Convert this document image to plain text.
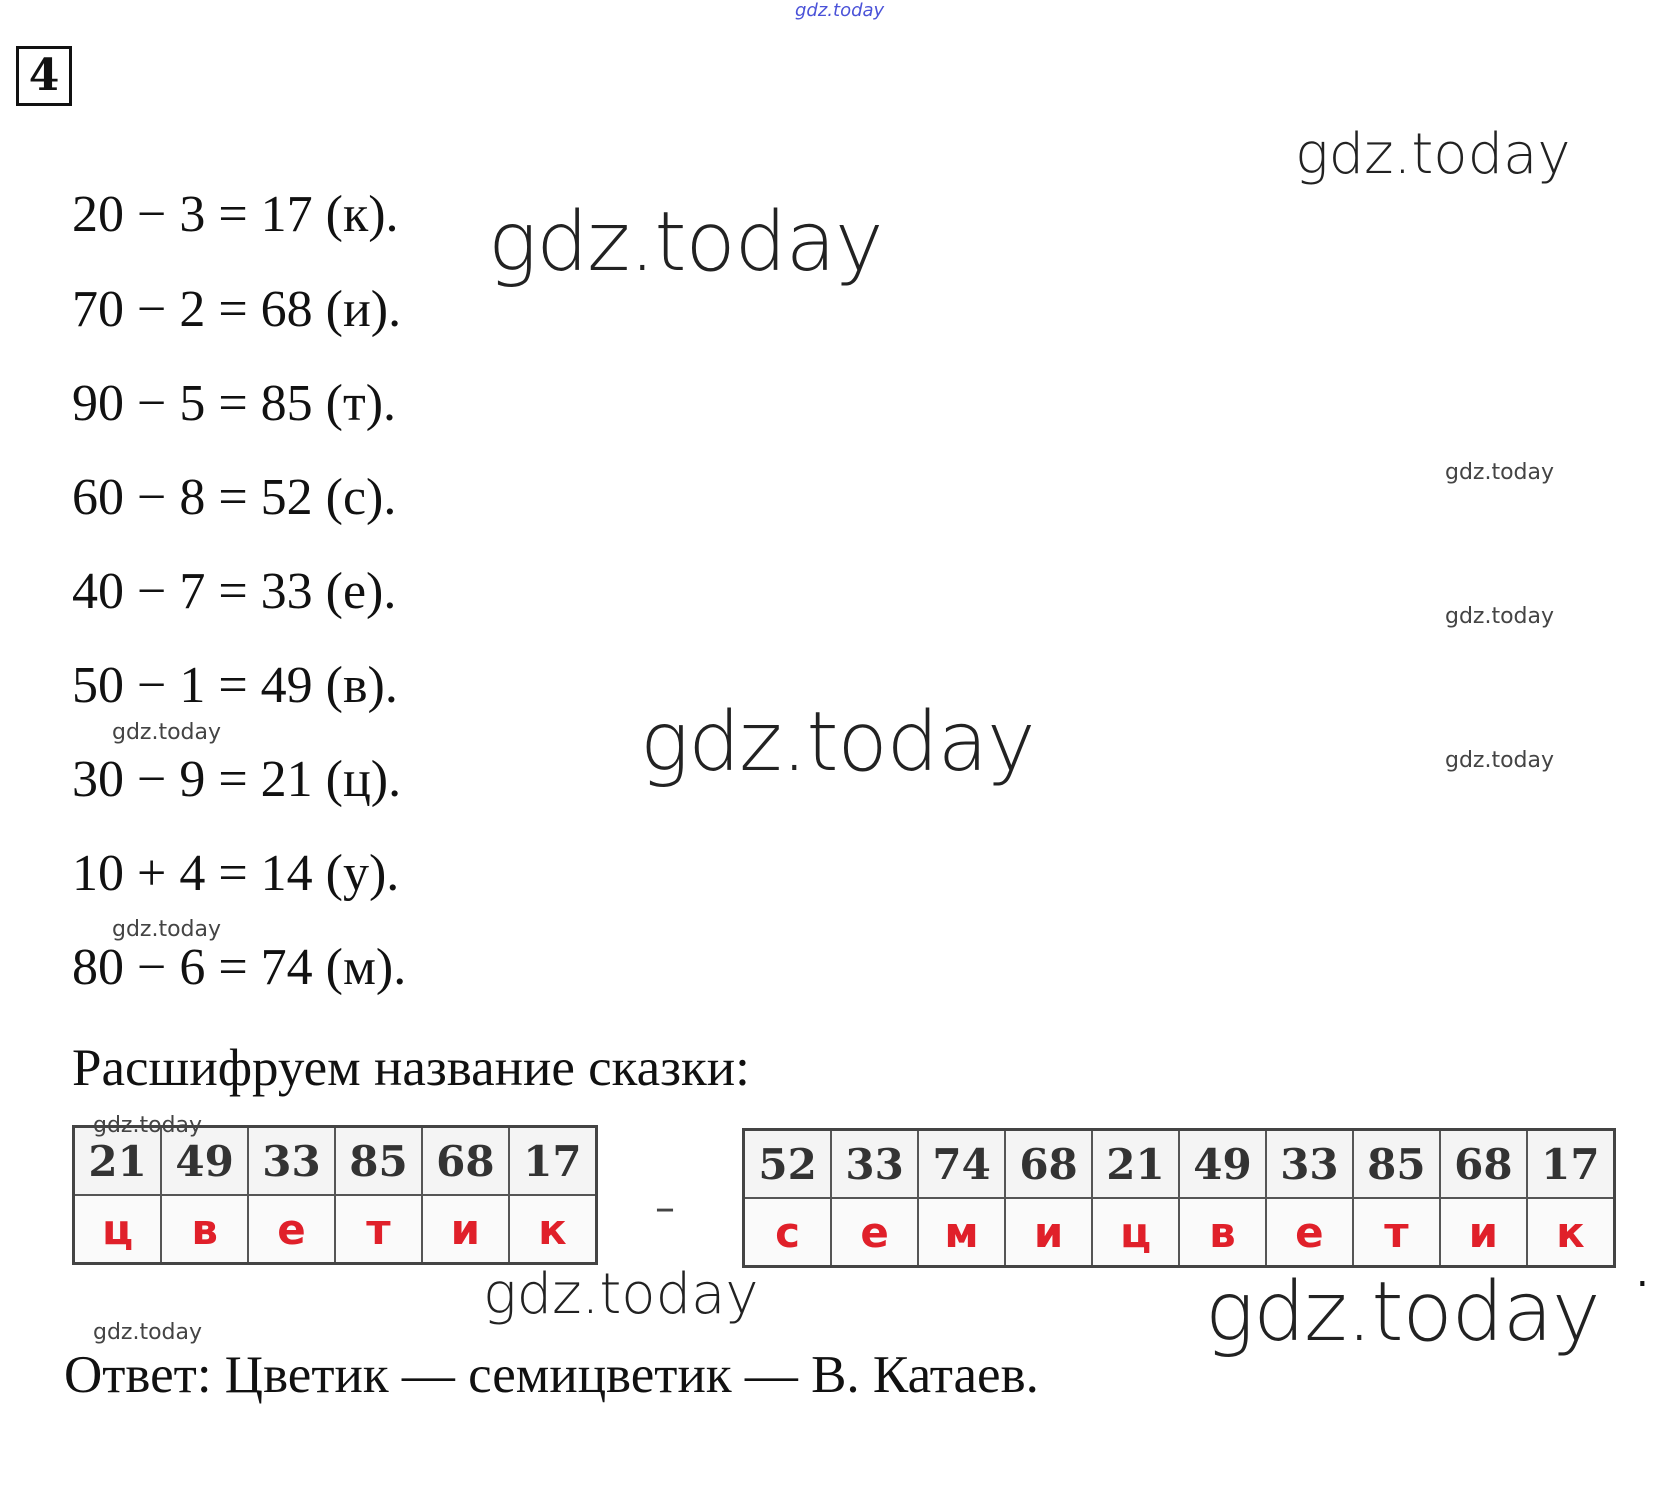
4
20 − 3 = 17 (к).
70 − 2 = 68 (и).
90 − 5 = 85 (т).
60 − 8 = 52 (с).
40 − 7 = 33 (е).
50 − 1 = 49 (в).
30 − 9 = 21 (ц).
10 + 4 = 14 (у).
80 − 6 = 74 (м).
Расшифруем название сказки:
21	49	33	85	68	17
ц	в	е	т	и	к –
52	33	74	68	21	49	33	85	68	17
с	е	м	и	ц	в	е	т	и	к
.
Ответ: Цветик — семицветик — В. Катаев.
gdz.today
gdz.today
gdz.today
gdz.today
gdz.today
gdz.today
gdz.today
gdz.today
gdz.today
gdz.today
gdz.today	gdz.today
gdz.today
